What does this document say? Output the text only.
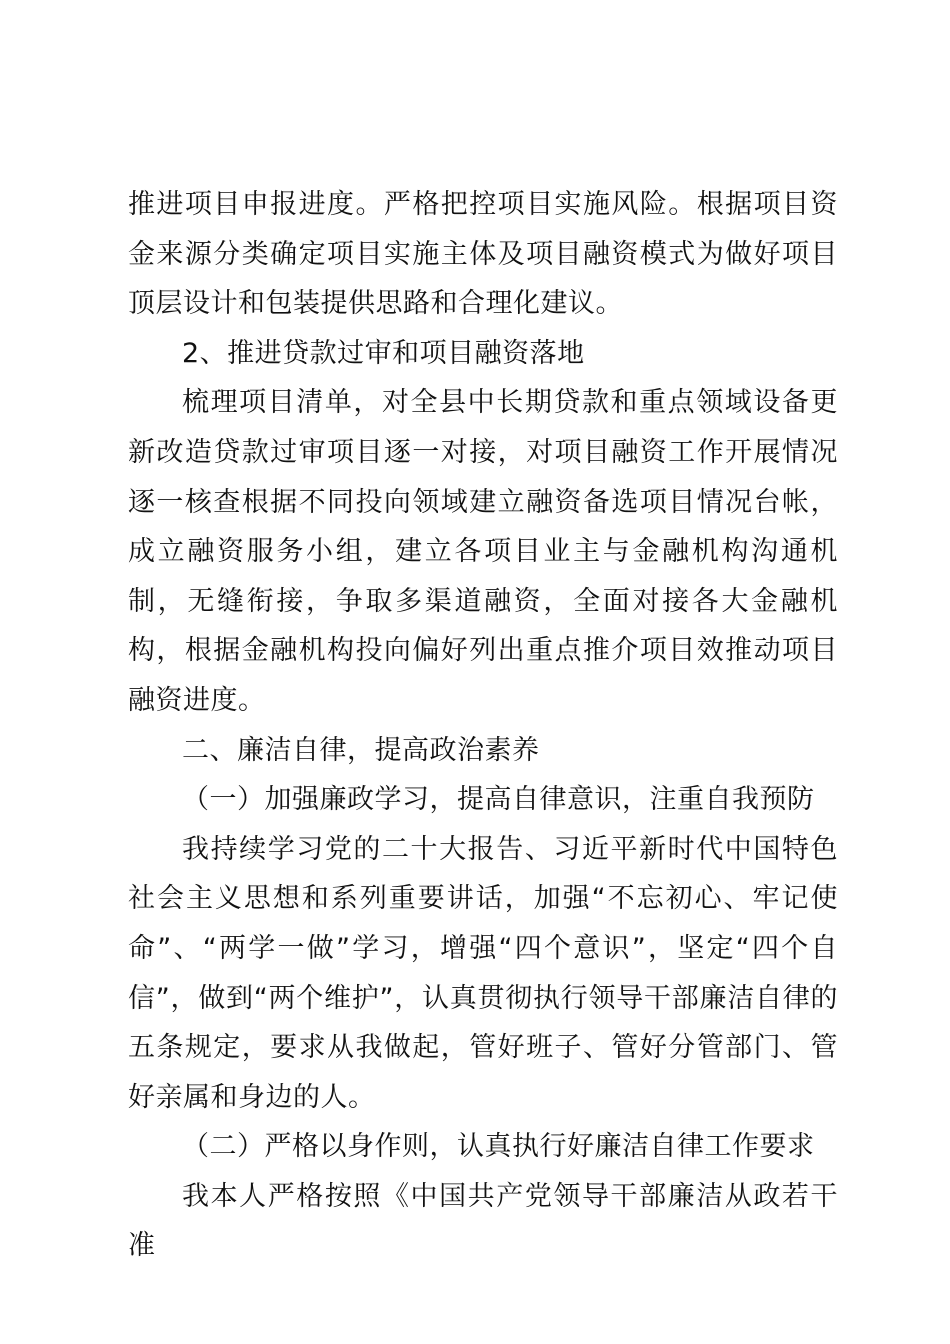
推进项目申报进度。严格把控项目实施风险。根据项目资金来源分类确定项目实施主体及项目融资模式为做好项目顶层设计和包装提供思路和合理化建议。

2、推进贷款过审和项目融资落地

梳理项目清单，对全县中长期贷款和重点领域设备更新改造贷款过审项目逐一对接，对项目融资工作开展情况逐一核查根据不同投向领域建立融资备选项目情况台帐，成立融资服务小组，建立各项目业主与金融机构沟通机制，无缝衔接，争取多渠道融资，全面对接各大金融机构，根据金融机构投向偏好列出重点推介项目效推动项目融资进度。

二、廉洁自律，提高政治素养

（一）加强廉政学习，提高自律意识，注重自我预防

我持续学习党的二十大报告、习近平新时代中国特色社会主义思想和系列重要讲话，加强“不忘初心、牢记使命”、“两学一做”学习，增强“四个意识”，坚定“四个自信”，做到“两个维护”，认真贯彻执行领导干部廉洁自律的五条规定，要求从我做起，管好班子、管好分管部门、管好亲属和身边的人。

（二）严格以身作则，认真执行好廉洁自律工作要求

我本人严格按照《中国共产党领导干部廉洁从政若干准
